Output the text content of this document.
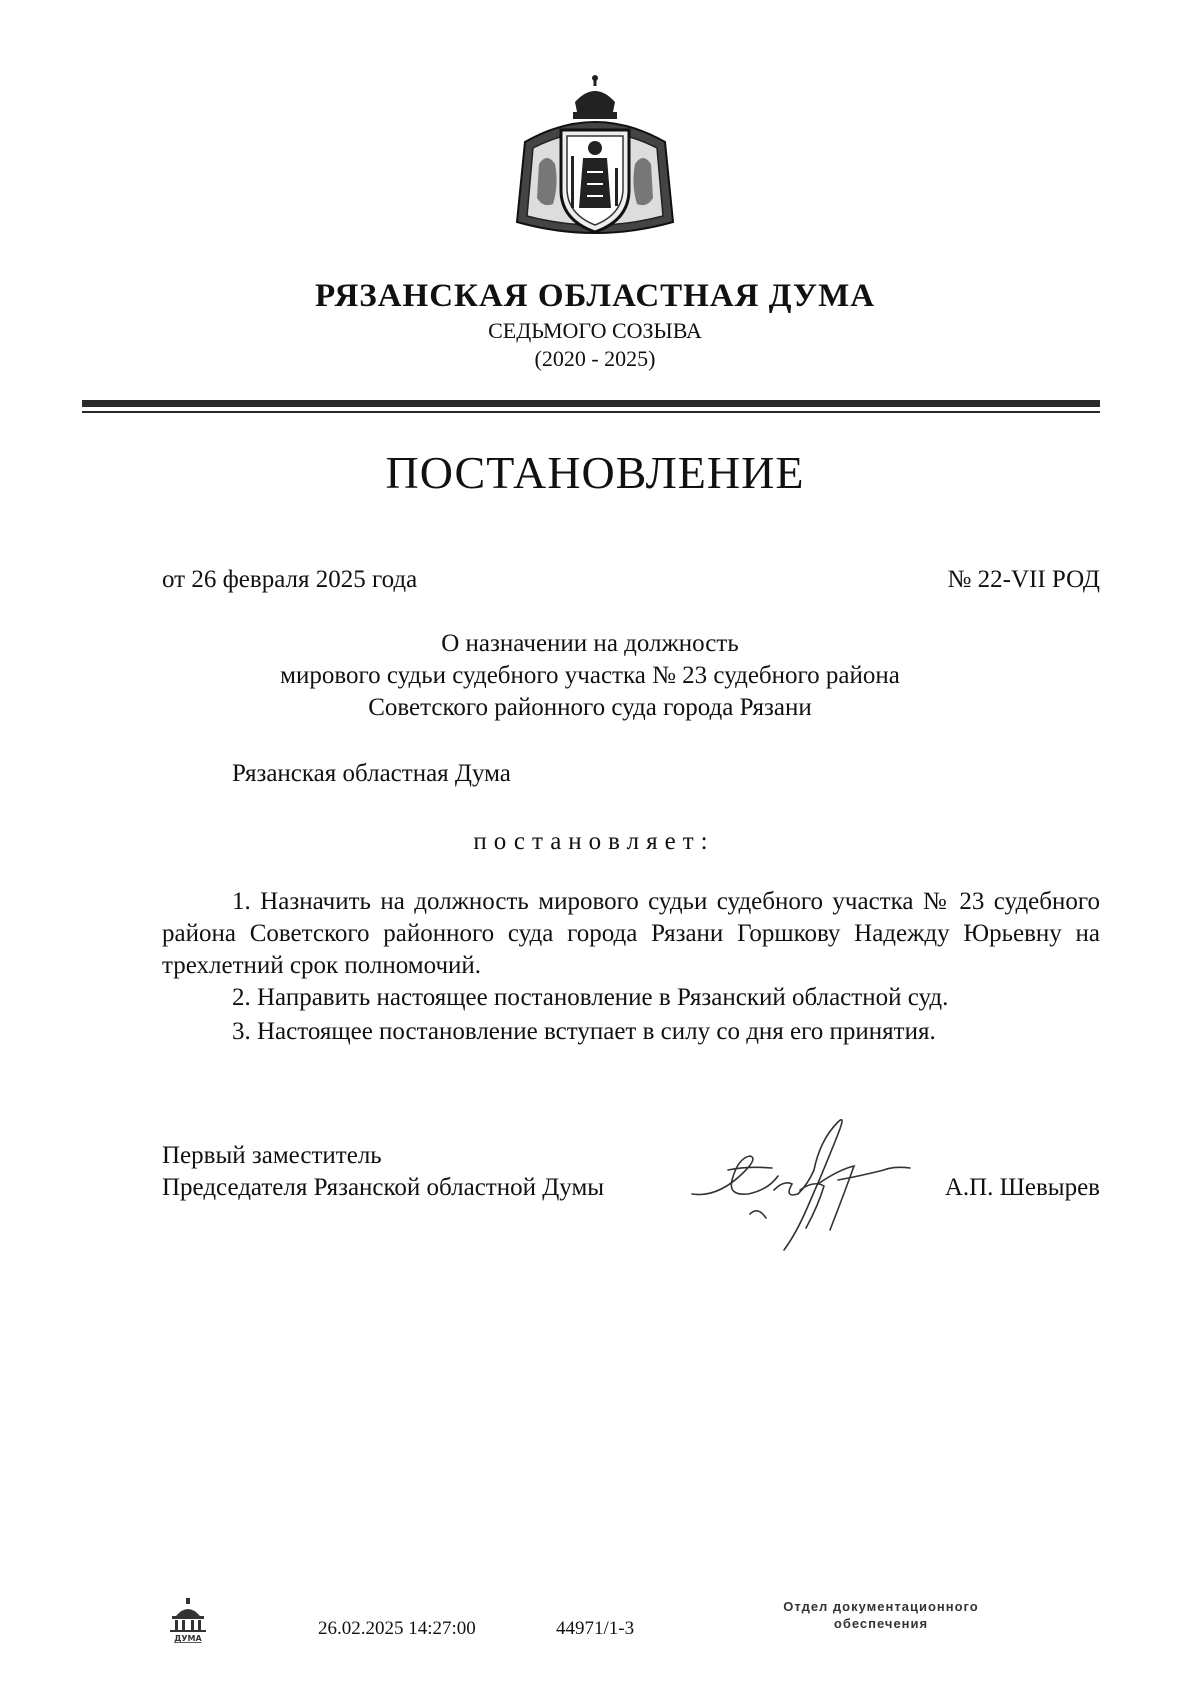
РЯЗАНСКАЯ ОБЛАСТНАЯ ДУМА
СЕДЬМОГО СОЗЫВА
(2020 - 2025)
ПОСТАНОВЛЕНИЕ
от 26 февраля 2025 года	№ 22-VII РОД
О назначении на должность
мирового судьи судебного участка № 23 судебного района
Советского районного суда города Рязани
Рязанская областная Дума
постановляет:
1. Назначить на должность мирового судьи судебного участка № 23 судебного района Советского районного суда города Рязани Горшкову Надежду Юрьевну на трехлетний срок полномочий.
2. Направить настоящее постановление в Рязанский областной суд.
3. Настоящее постановление вступает в силу со дня его принятия.
Первый заместитель
Председателя Рязанской областной Думы	А.П. Шевырев
ДУМА	26.02.2025 14:27:00	44971/1-3
Отдел документационного
обеспечения
